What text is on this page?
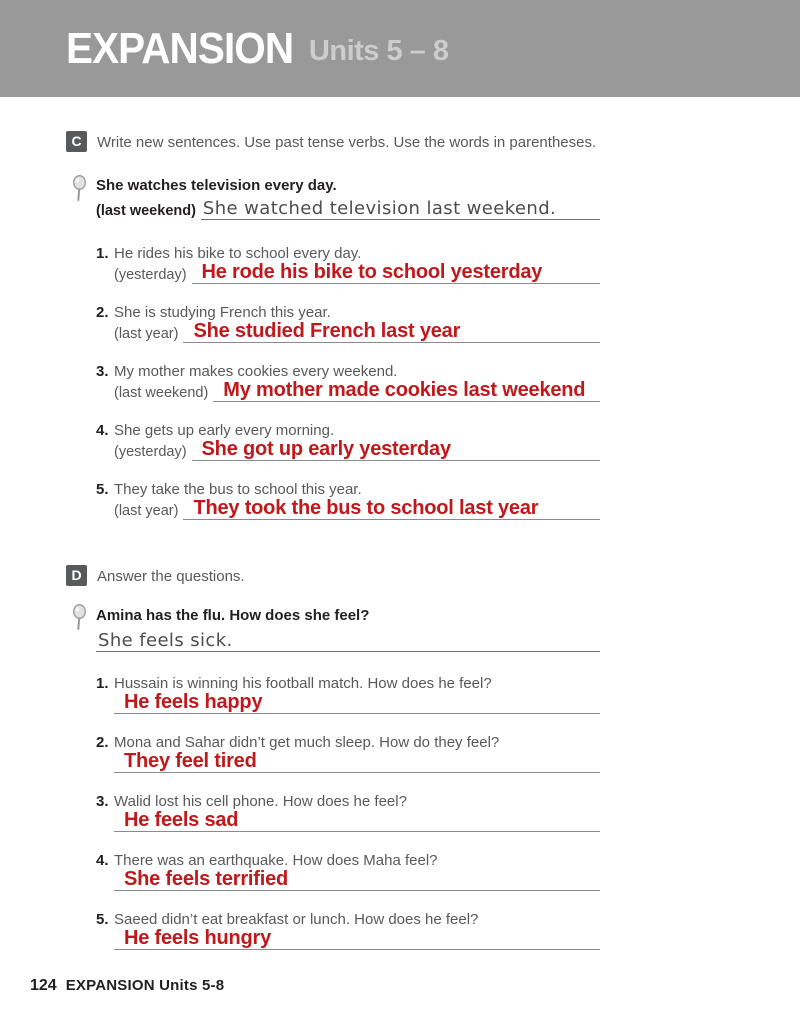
EXPANSION Units 5 – 8
C	Write new sentences. Use past tense verbs. Use the words in parentheses.
She watches television every day.
(last weekend) She watched television last weekend.
1. He rides his bike to school every day.
(yesterday) He rode his bike to school yesterday
2. She is studying French this year.
(last year) She studied French last year
3. My mother makes cookies every weekend.
(last weekend) My mother made cookies last weekend
4. She gets up early every morning.
(yesterday) She got up early yesterday
5. They take the bus to school this year.
(last year) They took the bus to school last year
D	Answer the questions.
Amina has the flu. How does she feel?
She feels sick.
1. Hussain is winning his football match. How does he feel?
He feels happy
2. Mona and Sahar didn’t get much sleep. How do they feel?
They feel tired
3. Walid lost his cell phone. How does he feel?
He feels sad
4. There was an earthquake. How does Maha feel?
She feels terrified
5. Saeed didn’t eat breakfast or lunch. How does he feel?
He feels hungry
124 EXPANSION Units 5-8
